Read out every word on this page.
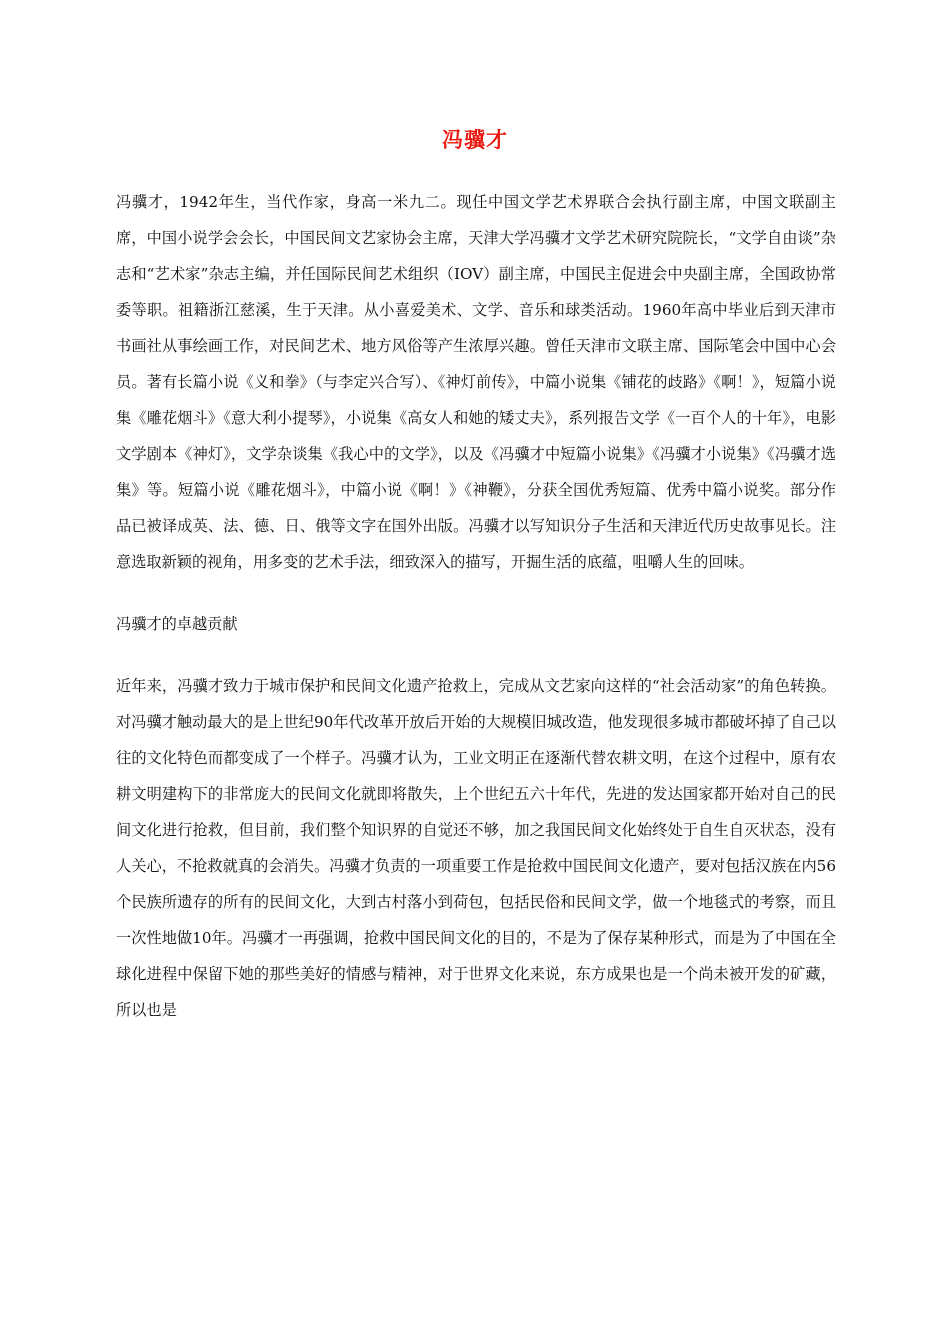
冯骥才

冯骥才，1942年生，当代作家，身高一米九二。现任中国文学艺术界联合会执行副主席，中国文联副主席，中国小说学会会长，中国民间文艺家协会主席，天津大学冯骥才文学艺术研究院院长，“文学自由谈”杂志和“艺术家”杂志主编，并任国际民间艺术组织（IOV）副主席，中国民主促进会中央副主席，全国政协常委等职。祖籍浙江慈溪，生于天津。从小喜爱美术、文学、音乐和球类活动。1960年高中毕业后到天津市书画社从事绘画工作，对民间艺术、地方风俗等产生浓厚兴趣。曾任天津市文联主席、国际笔会中国中心会员。著有长篇小说《义和拳》（与李定兴合写）、《神灯前传》，中篇小说集《铺花的歧路》《啊！》，短篇小说集《雕花烟斗》《意大利小提琴》，小说集《高女人和她的矮丈夫》，系列报告文学《一百个人的十年》，电影文学剧本《神灯》，文学杂谈集《我心中的文学》，以及《冯骥才中短篇小说集》《冯骥才小说集》《冯骥才选集》等。短篇小说《雕花烟斗》，中篇小说《啊！》《神鞭》，分获全国优秀短篇、优秀中篇小说奖。部分作品已被译成英、法、德、日、俄等文字在国外出版。冯骥才以写知识分子生活和天津近代历史故事见长。注意选取新颖的视角，用多变的艺术手法，细致深入的描写，开掘生活的底蕴，咀嚼人生的回味。

冯骥才的卓越贡献

近年来，冯骥才致力于城市保护和民间文化遗产抢救上，完成从文艺家向这样的“社会活动家”的角色转换。对冯骥才触动最大的是上世纪90年代改革开放后开始的大规模旧城改造，他发现很多城市都破坏掉了自己以往的文化特色而都变成了一个样子。冯骥才认为，工业文明正在逐渐代替农耕文明，在这个过程中，原有农耕文明建构下的非常庞大的民间文化就即将散失，上个世纪五六十年代，先进的发达国家都开始对自己的民间文化进行抢救，但目前，我们整个知识界的自觉还不够，加之我国民间文化始终处于自生自灭状态，没有人关心，不抢救就真的会消失。冯骥才负责的一项重要工作是抢救中国民间文化遗产，要对包括汉族在内56个民族所遗存的所有的民间文化，大到古村落小到荷包，包括民俗和民间文学，做一个地毯式的考察，而且一次性地做10年。冯骥才一再强调，抢救中国民间文化的目的，不是为了保存某种形式，而是为了中国在全球化进程中保留下她的那些美好的情感与精神，对于世界文化来说，东方成果也是一个尚未被开发的矿藏，所以也是
